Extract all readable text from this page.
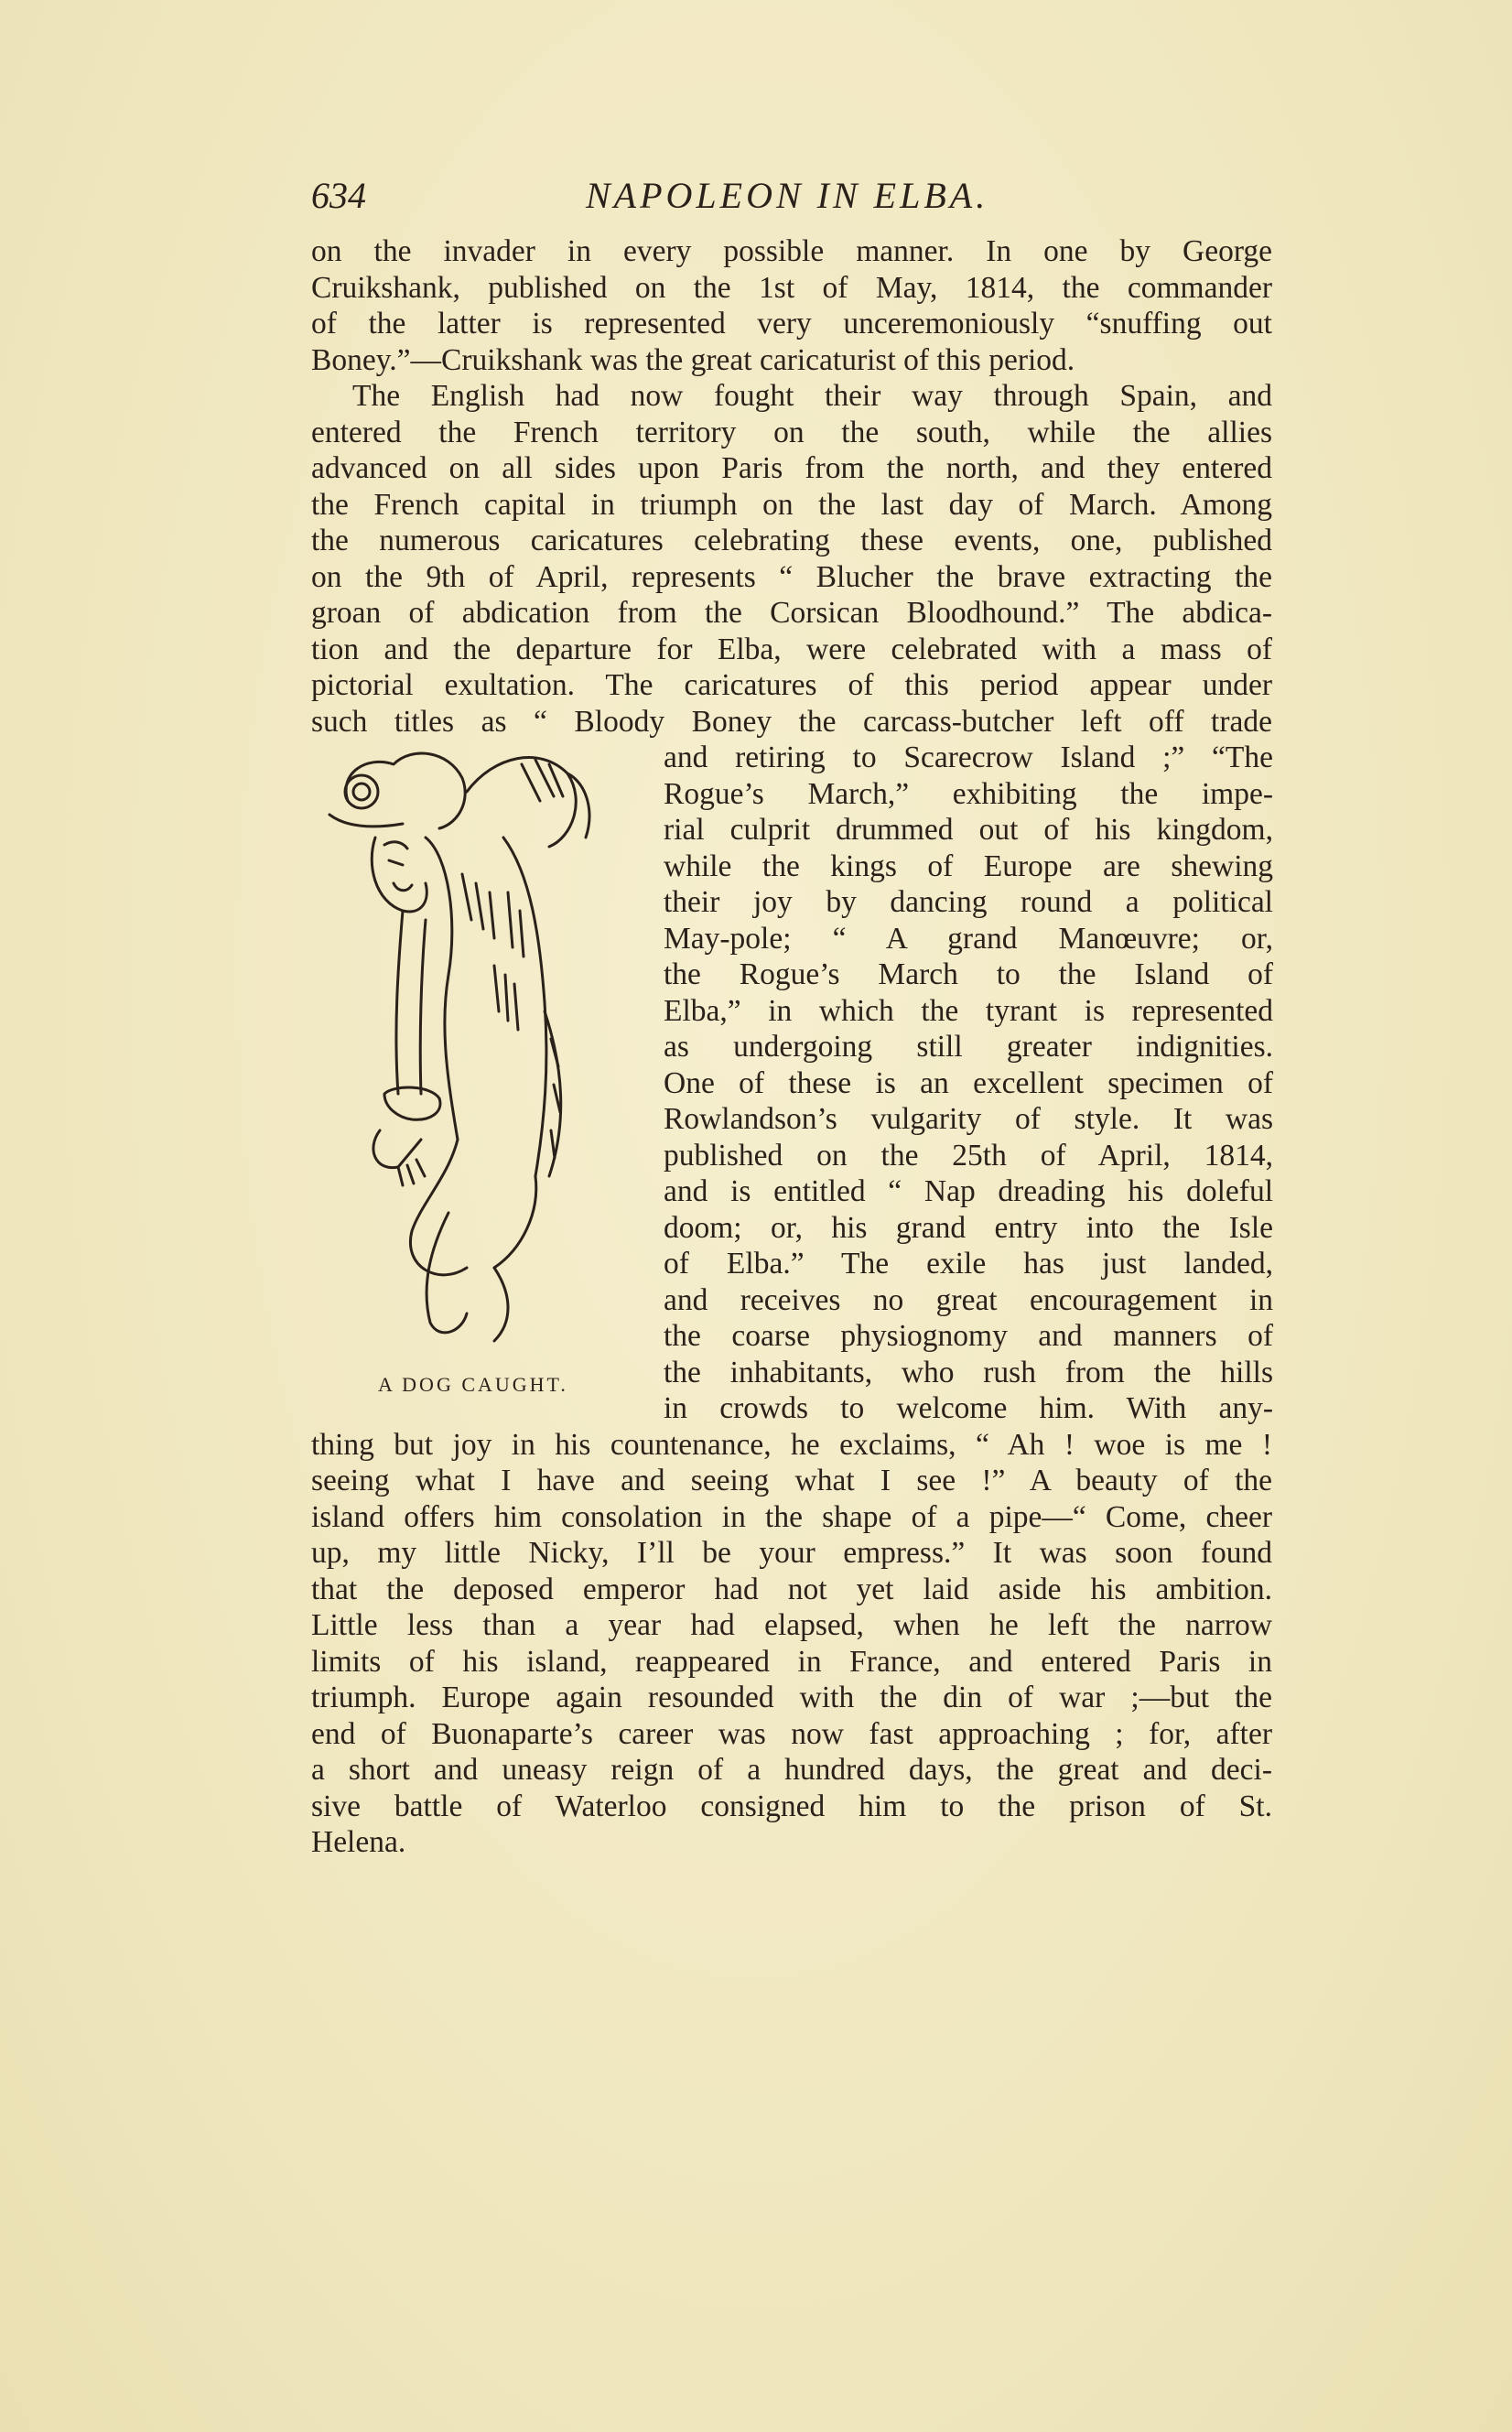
634	NAPOLEON IN ELBA.
on the invader in every possible manner. In one by George
Cruikshank, published on the 1st of May, 1814, the commander
of the latter is represented very unceremoniously “snuffing out
Boney.”—Cruikshank was the great caricaturist of this period.
The English had now fought their way through Spain, and
entered the French territory on the south, while the allies
advanced on all sides upon Paris from the north, and they entered
the French capital in triumph on the last day of March. Among
the numerous caricatures celebrating these events, one, published
on the 9th of April, represents “ Blucher the brave extracting the
groan of abdication from the Corsican Bloodhound.” The abdica-
tion and the departure for Elba, were celebrated with a mass of
pictorial exultation. The caricatures of this period appear under
such titles as “ Bloody Boney the carcass-butcher left off trade
and retiring to Scarecrow Island ;” “The
Rogue’s March,” exhibiting the impe-
rial culprit drummed out of his kingdom,
while the kings of Europe are shewing
their joy by dancing round a political
May-pole; “ A grand Manœuvre; or,
the Rogue’s March to the Island of
Elba,” in which the tyrant is represented
as undergoing still greater indignities.
One of these is an excellent specimen of
Rowlandson’s vulgarity of style. It was
published on the 25th of April, 1814,
and is entitled “ Nap dreading his doleful
doom; or, his grand entry into the Isle
of Elba.” The exile has just landed,
and receives no great encouragement in
the coarse physiognomy and manners of
the inhabitants, who rush from the hills
in crowds to welcome him. With any-
thing but joy in his countenance, he exclaims, “ Ah ! woe is me !
seeing what I have and seeing what I see !” A beauty of the
island offers him consolation in the shape of a pipe—“ Come, cheer
up, my little Nicky, I’ll be your empress.” It was soon found
that the deposed emperor had not yet laid aside his ambition.
Little less than a year had elapsed, when he left the narrow
limits of his island, reappeared in France, and entered Paris in
triumph. Europe again resounded with the din of war ;—but the
end of Buonaparte’s career was now fast approaching ; for, after
a short and uneasy reign of a hundred days, the great and deci-
sive battle of Waterloo consigned him to the prison of St.
Helena.
A DOG CAUGHT.
